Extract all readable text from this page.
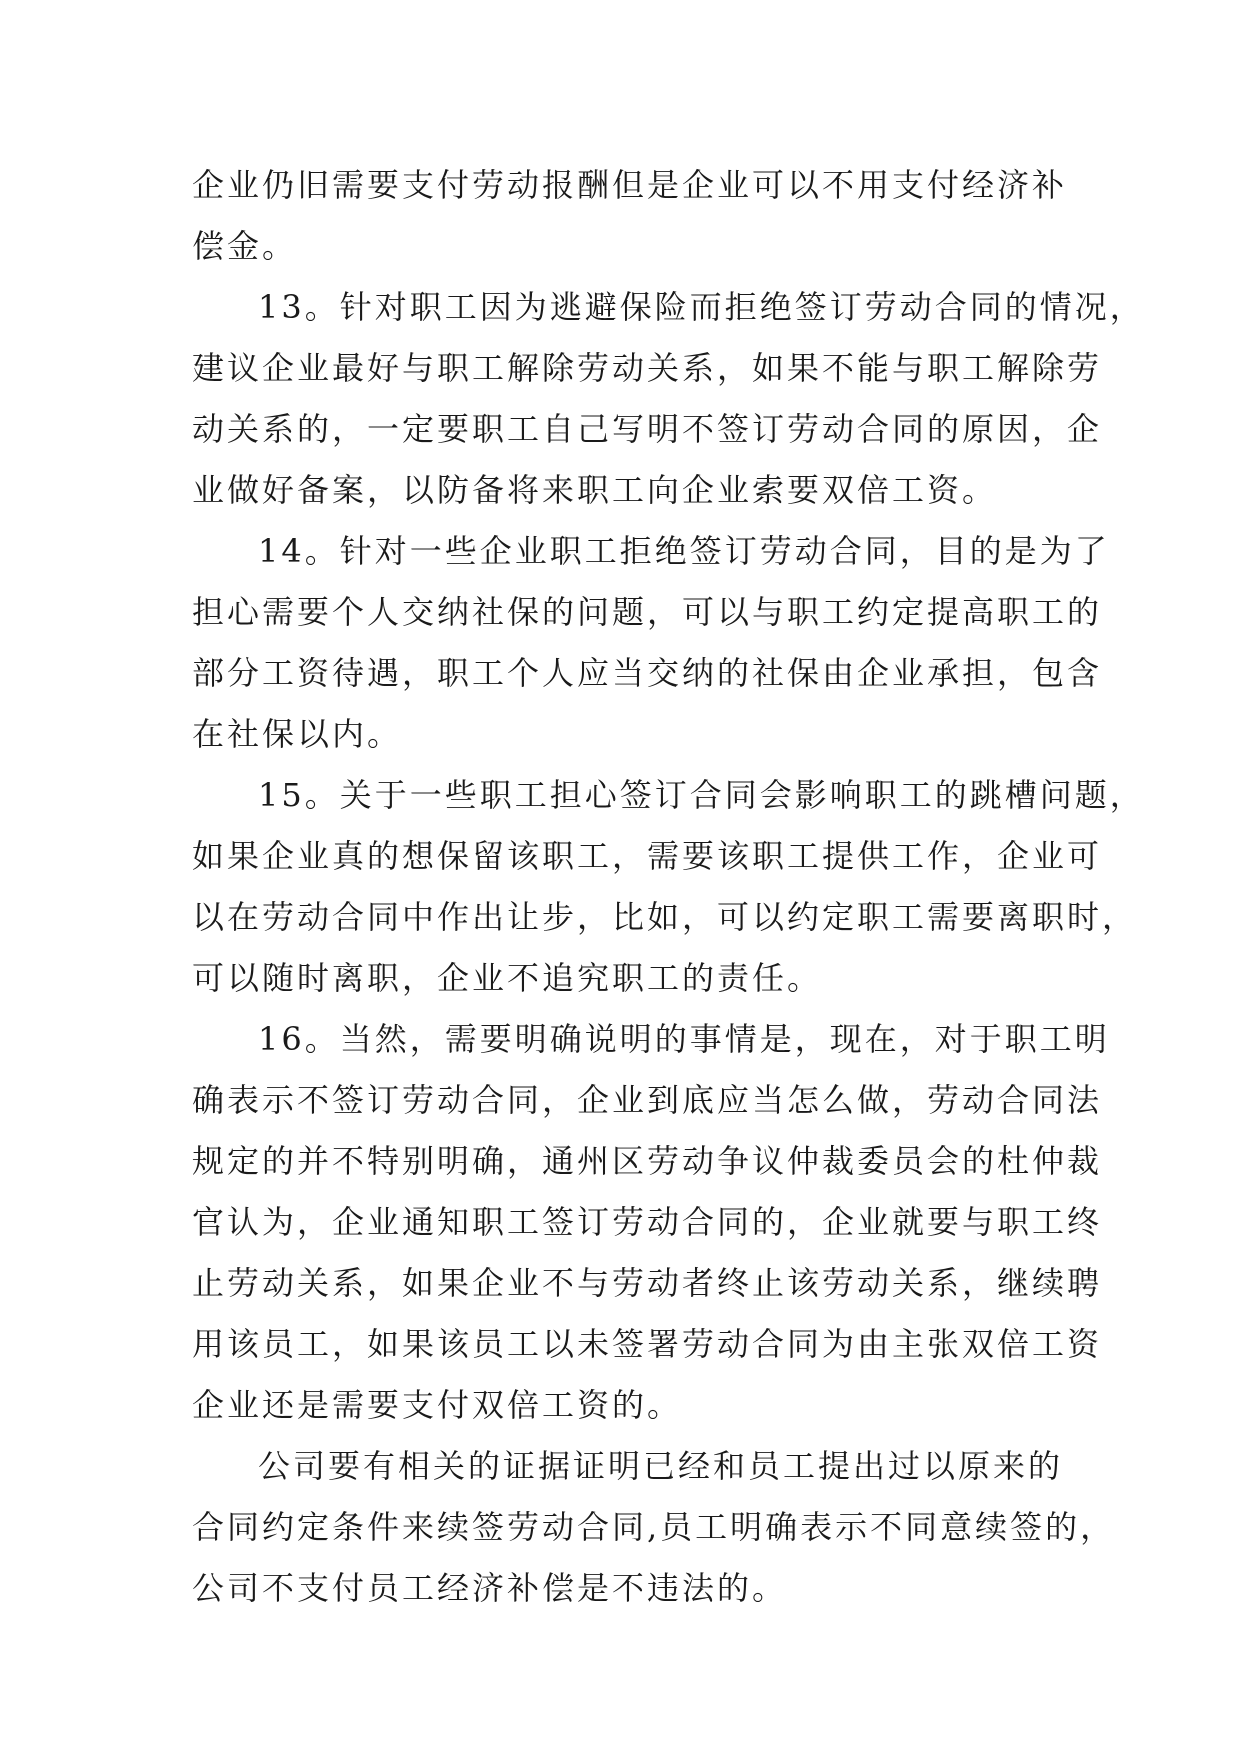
企业仍旧需要支付劳动报酬但是企业可以不用支付经济补
偿金。
13。针对职工因为逃避保险而拒绝签订劳动合同的情况，
建议企业最好与职工解除劳动关系，如果不能与职工解除劳
动关系的，一定要职工自己写明不签订劳动合同的原因，企
业做好备案，以防备将来职工向企业索要双倍工资。
14。针对一些企业职工拒绝签订劳动合同，目的是为了
担心需要个人交纳社保的问题，可以与职工约定提高职工的
部分工资待遇，职工个人应当交纳的社保由企业承担，包含
在社保以内。
15。关于一些职工担心签订合同会影响职工的跳槽问题，
如果企业真的想保留该职工，需要该职工提供工作，企业可
以在劳动合同中作出让步，比如，可以约定职工需要离职时，
可以随时离职，企业不追究职工的责任。
16。当然，需要明确说明的事情是，现在，对于职工明
确表示不签订劳动合同，企业到底应当怎么做，劳动合同法
规定的并不特别明确，通州区劳动争议仲裁委员会的杜仲裁
官认为，企业通知职工签订劳动合同的，企业就要与职工终
止劳动关系，如果企业不与劳动者终止该劳动关系，继续聘
用该员工，如果该员工以未签署劳动合同为由主张双倍工资
企业还是需要支付双倍工资的。
公司要有相关的证据证明已经和员工提出过以原来的
合同约定条件来续签劳动合同,员工明确表示不同意续签的，
公司不支付员工经济补偿是不违法的。
